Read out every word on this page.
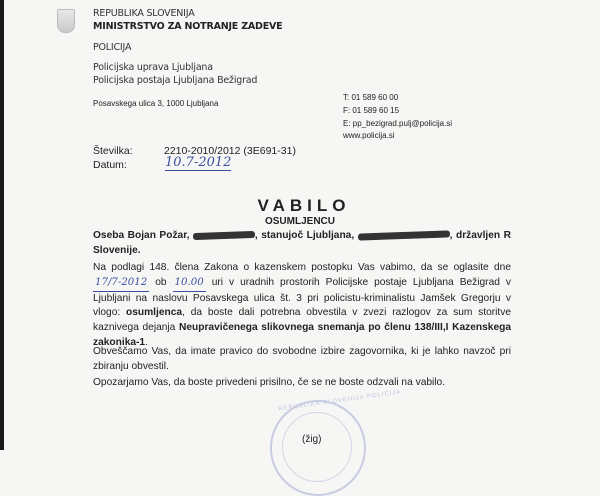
REPUBLIKA SLOVENIJA
MINISTRSTVO ZA NOTRANJE ZADEVE
POLICIJA
Policijska uprava Ljubljana
Policijska postaja Ljubljana Bežigrad
Posavskega ulica 3, 1000 Ljubljana
T: 01 589 60 00
F: 01 589 60 15
E: pp_bezigrad.pulj@policija.si
www.policija.si
Številka:	2210-2010/2012 (3E691-31)
Datum:	10.7-2012
VABILO
OSUMLJENCU
Oseba Bojan Požar,	, stanujoč Ljubljana,	, državljen R Slovenije.
Na podlagi 148. člena Zakona o kazenskem postopku Vas vabimo, da se oglasite dne 17/7-2012 ob 10.00 uri v uradnih prostorih Policijske postaje Ljubljana Bežigrad v Ljubljani na naslovu Posavskega ulica št. 3 pri policistu-kriminalistu Jamšek Gregorju v vlogo: osumljenca, da boste dali potrebna obvestila v zvezi razlogov za sum storitve kaznivega dejanja Neupravičenega slikovnega snemanja po členu 138/III,I Kazenskega zakonika-1.
Obveščamo Vas, da imate pravico do svobodne izbire zagovornika, ki je lahko navzoč pri zbiranju obvestil.
Opozarjamo Vas, da boste privedeni prisilno, če se ne boste odzvali na vabilo.
REPUBLIKA SLOVENIJA POLICIJA
(žig)
